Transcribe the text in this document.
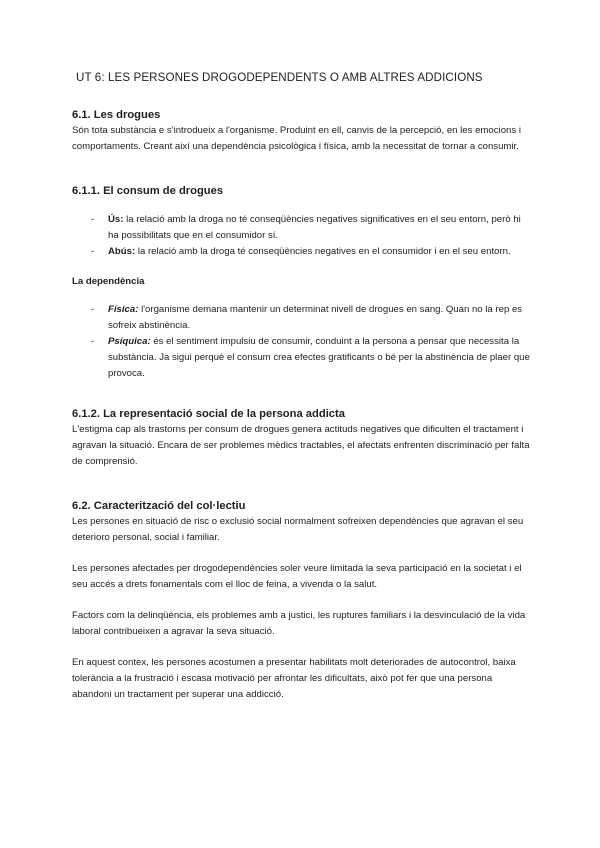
UT 6: LES PERSONES DROGODEPENDENTS O AMB ALTRES ADDICIONS
6.1. Les drogues

Són tota substància e s'introdueix a l'organisme. Produint en ell, canvis de la percepció, en les emocions i comportaments. Creant així una dependència psicològica i física, amb la necessitat de tornar a consumir.

6.1.1. El consum de drogues
- Ús: la relació amb la droga no té conseqüències negatives significatives en el seu entorn, però hi ha possibilitats que en el consumidor sí.
- Abús: la relació amb la droga té conseqüències negatives en el consumidor i en el seu entorn.
La dependència
- Física: l'organisme demana mantenir un determinat nivell de drogues en sang. Quan no la rep es sofreix abstinència.
- Psíquica: és el sentiment impulsiu de consumir, conduint a la persona a pensar que necessita la substància. Ja sigui perquè el consum crea efectes gratificants o bé per la abstinència de plaer que provoca.
6.1.2. La representació social de la persona addicta

L'estigma cap als trastorns per consum de drogues genera actituds negatives que dificulten el tractament i agravan la situació. Encara de ser problemes mèdics tractables, el afectats enfrenten discriminació per falta de comprensió.

6.2. Caracterització del col·lectiu

Les persones en situació de risc o exclusió social normalment sofreixen dependències que agravan el seu deterioro personal, social i familiar.

Les persones afectades per drogodependències soler veure limitada la seva participació en la societat i el seu accés a drets fonamentals com el lloc de feina, a vivenda o la salut.

Factors com la delinqüència, els problemes amb a justici, les ruptures familiars i la desvinculació de la vida laboral contribueixen a agravar la seva situació.

En aquest contex, les persones acostumen a presentar habilitats molt deteriorades de autocontrol, baixa tolerància a la frustració i escasa motivació per afrontar les dificultats, això pot fer que una persona abandoni un tractament per superar una addicció.
